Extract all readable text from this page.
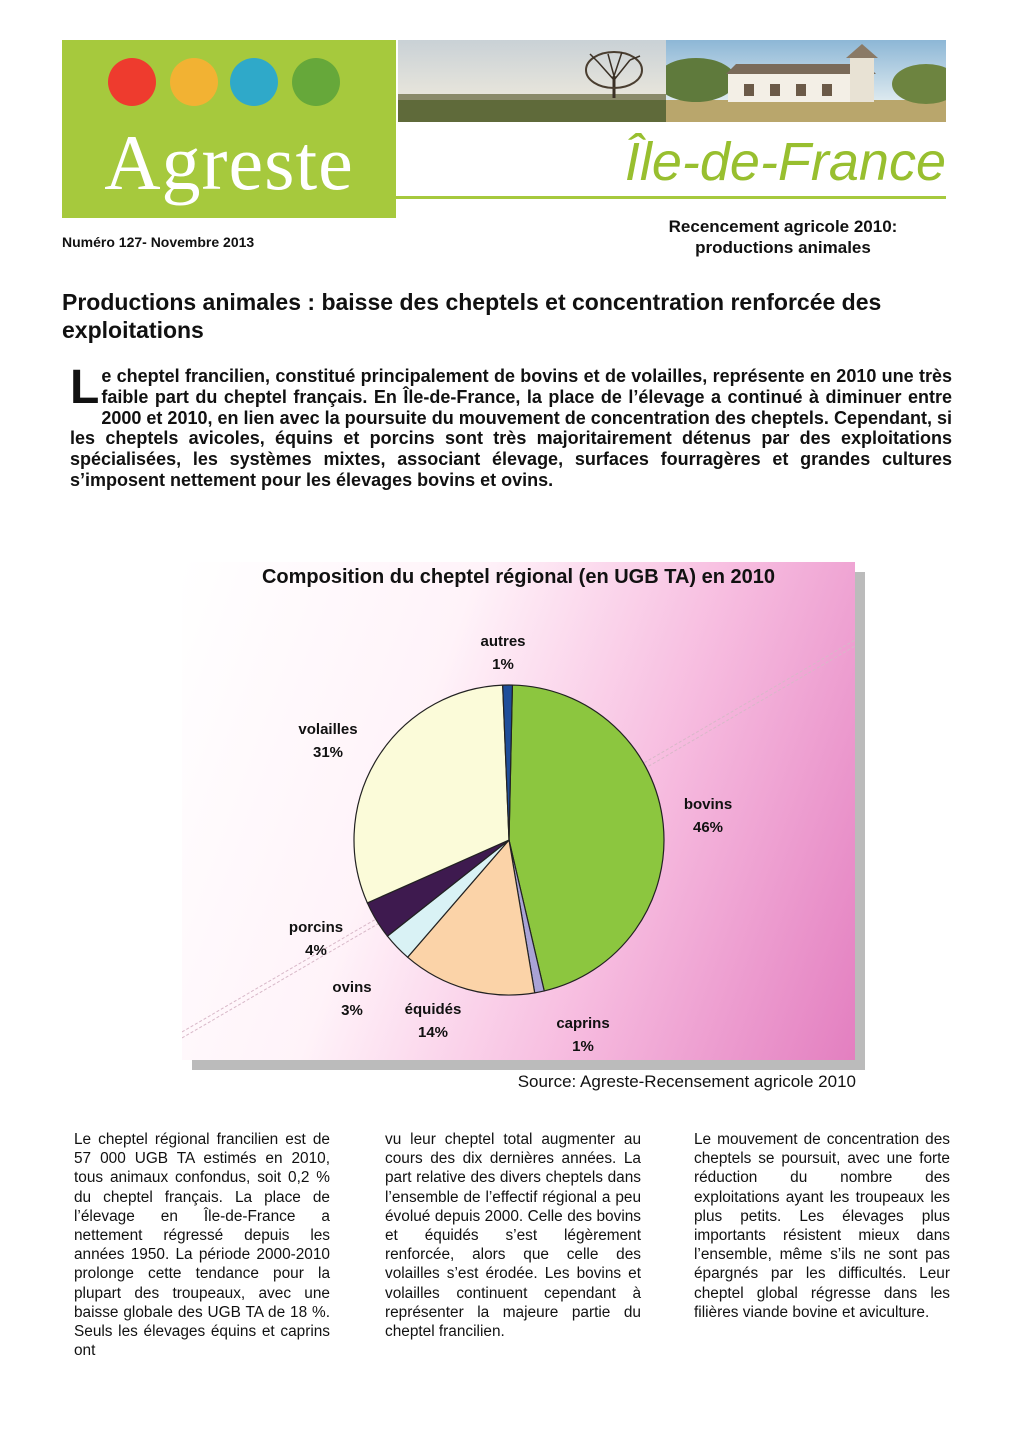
Agreste	Île-de-France
Numéro 127- Novembre 2013
Recencement agricole 2010:
productions animales
Productions animales : baisse des cheptels et concentration renforcée des exploitations

Le cheptel francilien, constitué principalement de bovins et de volailles, représente en 2010 une très faible part du cheptel français. En Île-de-France, la place de l’élevage a continué à diminuer entre 2000 et 2010, en lien avec la poursuite du mouvement de concentration des cheptels. Cependant, si les cheptels avicoles, équins et porcins sont très majoritairement détenus par des exploitations spécialisées, les systèmes mixtes, associant élevage, surfaces fourragères et grandes cultures s’imposent nettement pour les élevages bovins et ovins.

Composition du cheptel régional (en UGB TA) en 2010
Source: Agreste-Recensement agricole 2010
autres
1%
volailles
31%
bovins
46%
porcins
4%
ovins
3%	équidés
14%
caprins
1%

Le cheptel régional francilien est de 57 000 UGB TA estimés en 2010, tous animaux confondus, soit 0,2 % du cheptel français. La place de l’élevage en Île-de-France a nettement régressé depuis les années 1950. La période 2000-2010 prolonge cette tendance pour la plupart des troupeaux, avec une baisse globale des UGB TA de 18 %. Seuls les élevages équins et caprins ont

vu leur cheptel total augmenter au cours des dix dernières années. La part relative des divers cheptels dans l’ensemble de l’effectif régional a peu évolué depuis 2000. Celle des bovins et équidés s’est légèrement renforcée, alors que celle des volailles s’est érodée. Les bovins et volailles continuent cependant à représenter la majeure partie du cheptel francilien.

Le mouvement de concentration des cheptels se poursuit, avec une forte réduction du nombre des exploitations ayant les troupeaux les plus petits. Les élevages plus importants résistent mieux dans l’ensemble, même s’ils ne sont pas épargnés par les difficultés. Leur cheptel global régresse dans les filières viande bovine et aviculture.
